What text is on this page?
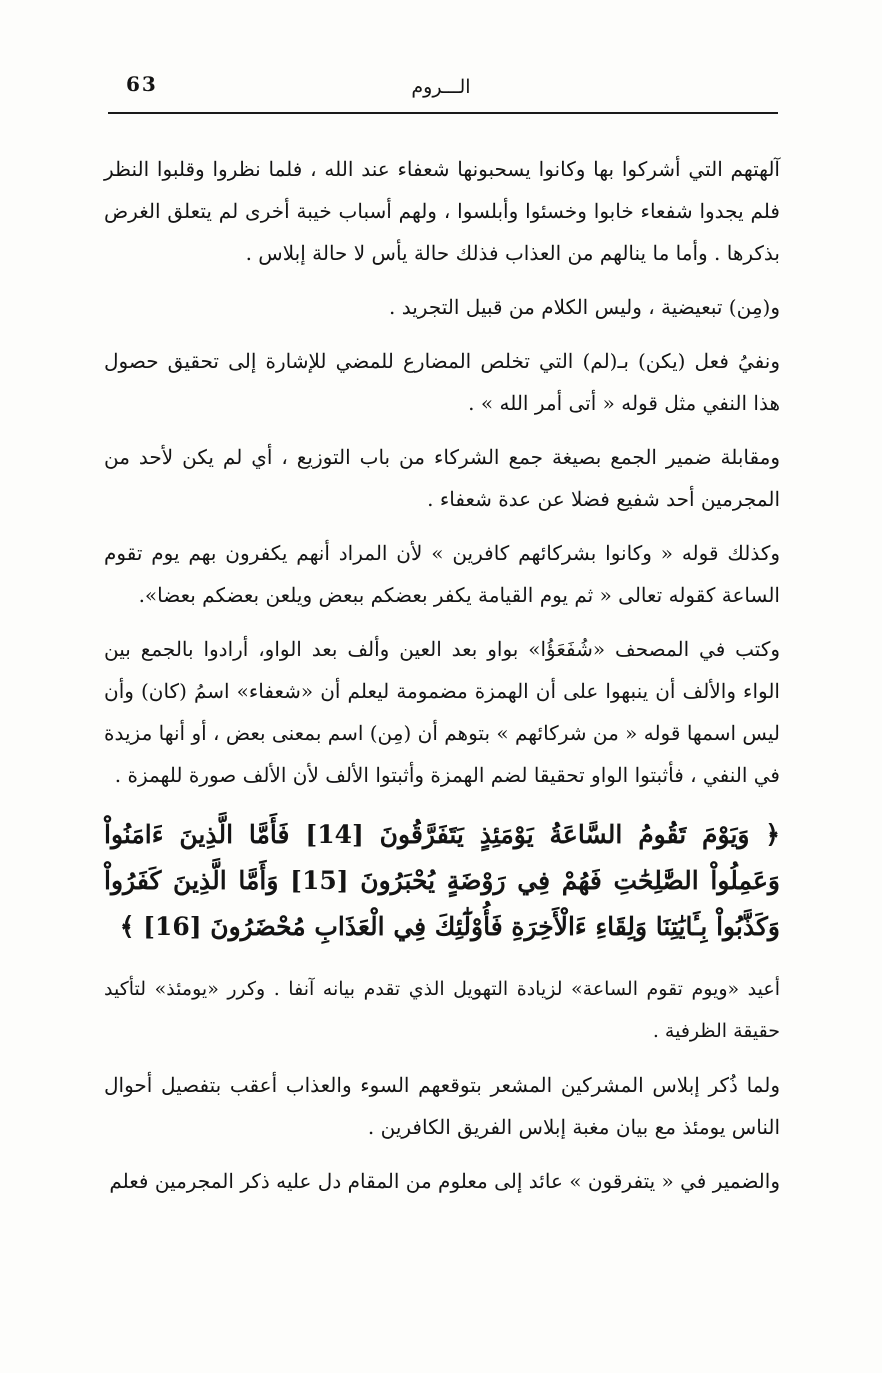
63	الـــروم

آلهتهم التي أشركوا بها وكانوا يسحبونها شعفاء عند الله ، فلما نظروا وقلبوا النظر فلم يجدوا شفعاء خابوا وخسئوا وأبلسوا ، ولهم أسباب خيبة أخرى لم يتعلق الغرض بذكرها . وأما ما ينالهم من العذاب فذلك حالة يأس لا حالة إبلاس .

و(مِن) تبعيضية ، وليس الكلام من قبيل التجريد .

ونفيُ فعل (يكن) بـ(لم) التي تخلص المضارع للمضي للإشارة إلى تحقيق حصول هذا النفي مثل قوله « أتى أمر الله » .

ومقابلة ضمير الجمع بصيغة جمع الشركاء من باب التوزيع ، أي لم يكن لأحد من المجرمين أحد شفيع فضلا عن عدة شعفاء .

وكذلك قوله « وكانوا بشركائهم كافرين » لأن المراد أنهم يكفرون بهم يوم تقوم الساعة كقوله تعالى « ثم يوم القيامة يكفر بعضكم ببعض ويلعن بعضكم بعضا».

وكتب في المصحف «شُفَعَؤُا» بواو بعد العين وألف بعد الواو، أرادوا بالجمع بين الواء والألف أن ينبهوا على أن الهمزة مضمومة ليعلم أن «شعفاء» اسمُ (كان) وأن ليس اسمها قوله « من شركائهم » بتوهم أن (مِن) اسم بمعنى بعض ، أو أنها مزيدة في النفي ، فأثبتوا الواو تحقيقا لضم الهمزة وأثبتوا الألف لأن الألف صورة للهمزة .

﴿ وَيَوْمَ تَقُومُ السَّاعَةُ يَوْمَئِذٍ يَتَفَرَّقُونَ [14] فَأَمَّا الَّذِينَ ءَامَنُواْ وَعَمِلُواْ الصَّٰلِحَٰتِ فَهُمْ فِي رَوْضَةٍ يُحْبَرُونَ [15] وَأَمَّا الَّذِينَ كَفَرُواْ وَكَذَّبُواْ بِـَٔايَٰتِنَا وَلِقَاءِ ءَالْأَخِرَةِ فَأُوْلَٰٓئِكَ فِي الْعَذَابِ مُحْضَرُونَ [16] ﴾

أعيد «ويوم تقوم الساعة» لزيادة التهويل الذي تقدم بيانه آنفا . وكرر «يومئذ» لتأكيد حقيقة الظرفية .

ولما ذُكر إبلاس المشركين المشعر بتوقعهم السوء والعذاب أعقب بتفصيل أحوال الناس يومئذ مع بيان مغبة إبلاس الفريق الكافرين .

والضمير في « يتفرقون » عائد إلى معلوم من المقام دل عليه ذكر المجرمين فعلم
